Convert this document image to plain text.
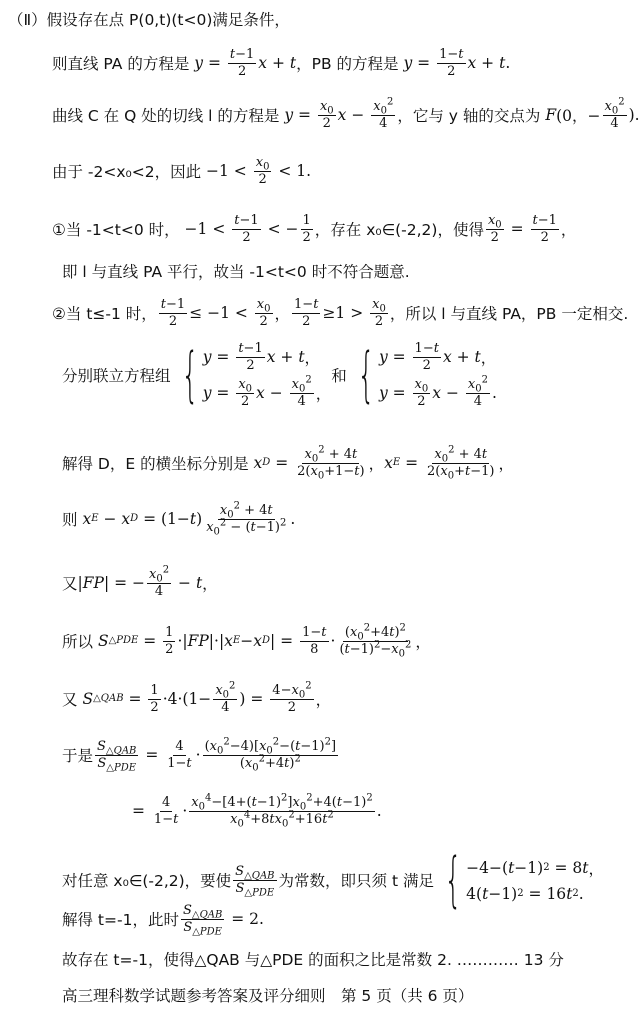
（Ⅱ）假设存在点 P(0,t)(t<0)满足条件，
则直线 PA 的方程是
$y = \frac{t-1}{2}$ x + t ， PB 的方程是
$y = \frac{1-t}{2}$ x + t .
曲线 C 在 Q 处的切线 l 的方程是
$y = \frac{x_0}{2}$ $x - \frac{x_0^2}{4}$ ， 它与 y 轴的交点为
F (0，− $\frac{x_0^2}{4}$ ).
由于 -2<x₀<2，因此 $-1 < \frac{x_0}{2} < 1$.
①当 -1<t<0 时， $-1 < \frac{t-1}{2}$ < − $\frac{1}{2}$ ， 存在 x₀∈(-2,2)，使得 $\frac{x_0}{2} = \frac{t-1}{2}$ ，
即 l 与直线 PA 平行，故当 -1<t<0 时不符合题意.
②当 t≤-1 时， $\frac{t-1}{2} \le -1 < \frac{x_0}{2}$ ， $\frac{1-t}{2} \ge 1 > \frac{x_0}{2}$ ， 所以 l 与直线 PA，PB 一定相交.
分别联立方程组 { $y = \frac{t-1}{2}$ x + t ，
$y = \frac{x_0}{2}$ $x - \frac{x_0^2}{4}$ ，
和 { $y = \frac{1-t}{2}$ x + t ，
$y = \frac{x_0}{2}$ $x - \frac{x_0^2}{4}$ .
解得 D，E 的横坐标分别是
x $D = \frac{x_0^2 + 4t}{2(x_0+1-t)}$ ， x $E = \frac{x_0^2 + 4t}{2(x_0+t-1)}$ ，
则
x E − x D = (1− t ) $\frac{x_0^2 + 4t}{x_0^2 - (t-1)^2}$ .
又 | FP | = − $\frac{x_0^2}{4} - t$ ，
所以
S △PDE = $\frac{1}{2}$ ·| FP |·| x E − x D | = $\frac{1-t}{8} \cdot \frac{(x_0^2+4t)^2}{(t-1)^2-x_0^2}$ ，
又
S △QAB = $\frac{1}{2} \cdot 4\cdot(1- \frac{x_0^2}{4}$ ) = $\frac{4-x_0^2}{2}$ ，
于是 $\frac{S_{\triangle QAB}}{S_{\triangle PDE}} = \frac{4}{1-t} \cdot \frac{(x_0^2-4)[x_0^2-(t-1)^2]}{(x_0^2+4t)^2}$
= $\frac{4}{1-t} \cdot \frac{x_0^4-[4+(t-1)^2]x_0^2+4(t-1)^2}{x_0^4+8tx_0^2+16t^2}$ .
对任意 x₀∈(-2,2)，要使 $\frac{S_{\triangle QAB}}{S_{\triangle PDE}}$ 为常数，即只须 t 满足 { −4−( t −1) 2 = 8 t ，
4( t −1) 2 = 16 t 2 .
解得 t=-1，此时 $\frac{S_{\triangle QAB}}{S_{\triangle PDE}} = 2$.
故存在 t=-1，使得△QAB 与△PDE 的面积之比是常数 2. ………… 13 分
高三理科数学试题参考答案及评分细则　第 5 页（共 6 页）
